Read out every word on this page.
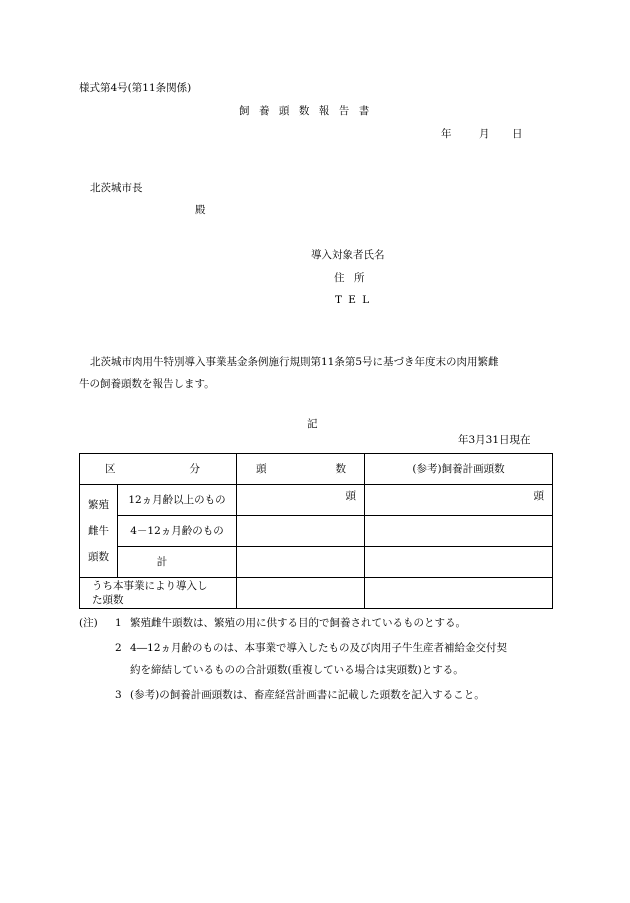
様式第4号(第11条関係)
飼養頭数報告書
年	月 日
北茨城市長
殿
導入対象者氏名
住所
TEL
北茨城市肉用牛特別導入事業基金条例施行規則第11条第5号に基づき年度末の肉用繁雌
牛の飼養頭数を報告します。
記
年3月31日現在
区 分		頭 数	(参考)飼養計画頭数

繁殖
雌牛
頭数	12ヵ月齢以上のもの	頭	頭
	4－12ヵ月齢のもの		
	計		

うち本事業により導入し
た頭数			

(注) 1 繁殖雌牛頭数は、繁殖の用に供する目的で飼養されているものとする。
2 4―12ヵ月齢のものは、本事業で導入したもの及び肉用子牛生産者補給金交付契
約を締結しているものの合計頭数(重複している場合は実頭数)とする。
3 (参考)の飼養計画頭数は、畜産経営計画書に記載した頭数を記入すること。
